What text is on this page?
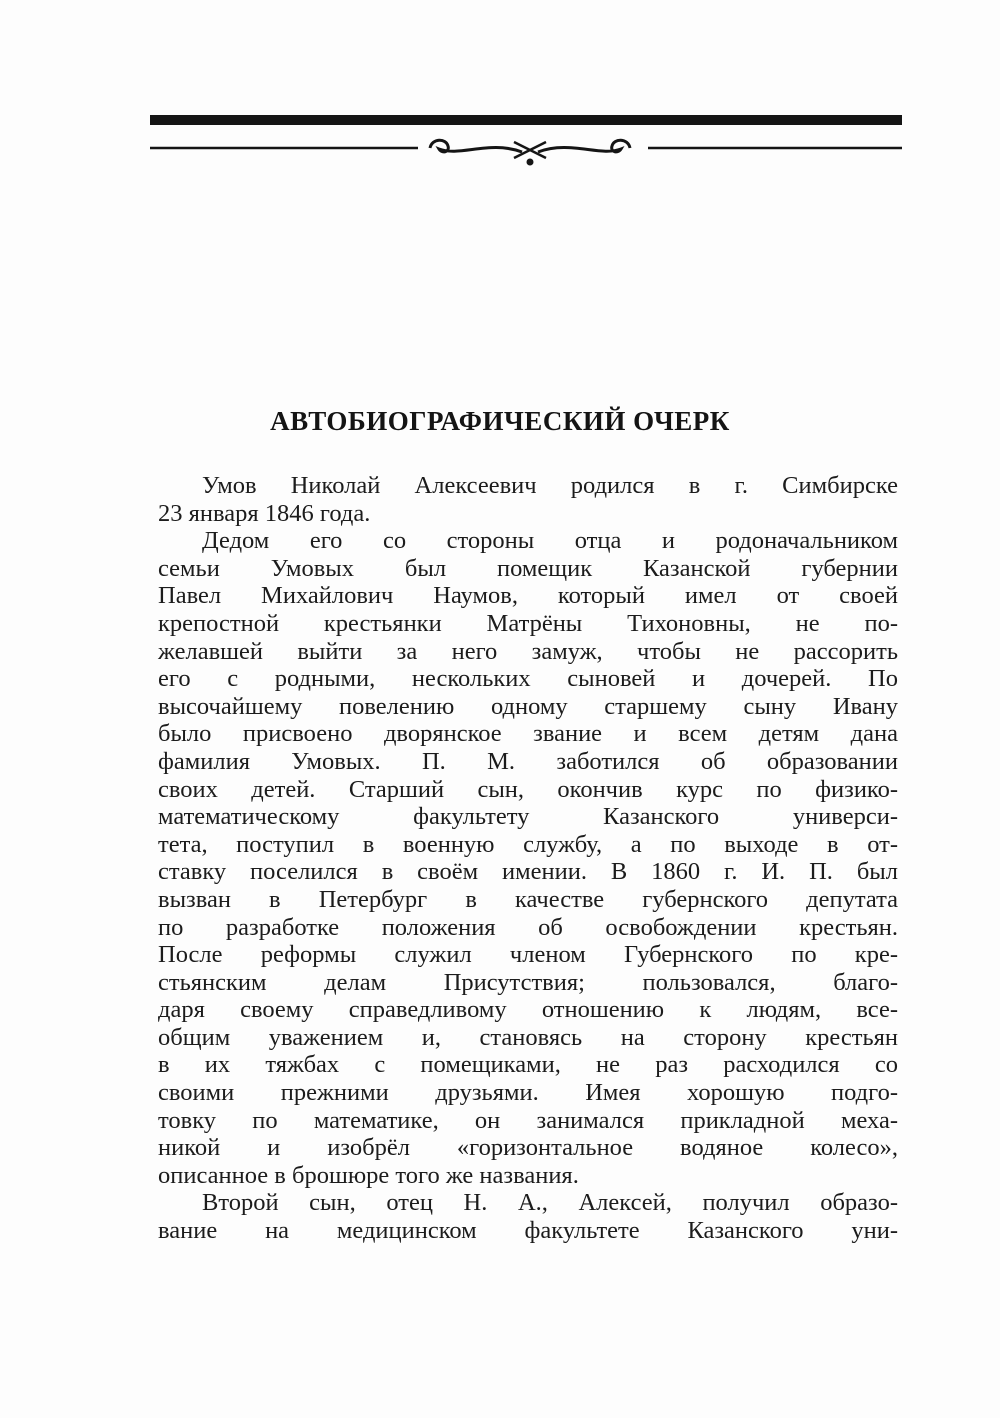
АВТОБИОГРАФИЧЕСКИЙ ОЧЕРК
Умов Николай Алексеевич родился в г. Симбирске
23 января 1846 года.
Дедом его со стороны отца и родоначальником
семьи Умовых был помещик Казанской губернии
Павел Михайлович Наумов, который имел от своей
крепостной крестьянки Матрёны Тихоновны, не по-
желавшей выйти за него замуж, чтобы не рассорить
его с родными, нескольких сыновей и дочерей. По
высочайшему повелению одному старшему сыну Ивану
было присвоено дворянское звание и всем детям дана
фамилия Умовых. П. М. заботился об образовании
своих детей. Старший сын, окончив курс по физико-
математическому факультету Казанского универси-
тета, поступил в военную службу, а по выходе в от-
ставку поселился в своём имении. В 1860 г. И. П. был
вызван в Петербург в качестве губернского депутата
по разработке положения об освобождении крестьян.
После реформы служил членом Губернского по кре-
стьянским делам Присутствия; пользовался, благо-
даря своему справедливому отношению к людям, все-
общим уважением и, становясь на сторону крестьян
в их тяжбах с помещиками, не раз расходился со
своими прежними друзьями. Имея хорошую подго-
товку по математике, он занимался прикладной меха-
никой и изобрёл «горизонтальное водяное колесо»,
описанное в брошюре того же названия.
Второй сын, отец Н. А., Алексей, получил образо-
вание на медицинском факультете Казанского уни-
